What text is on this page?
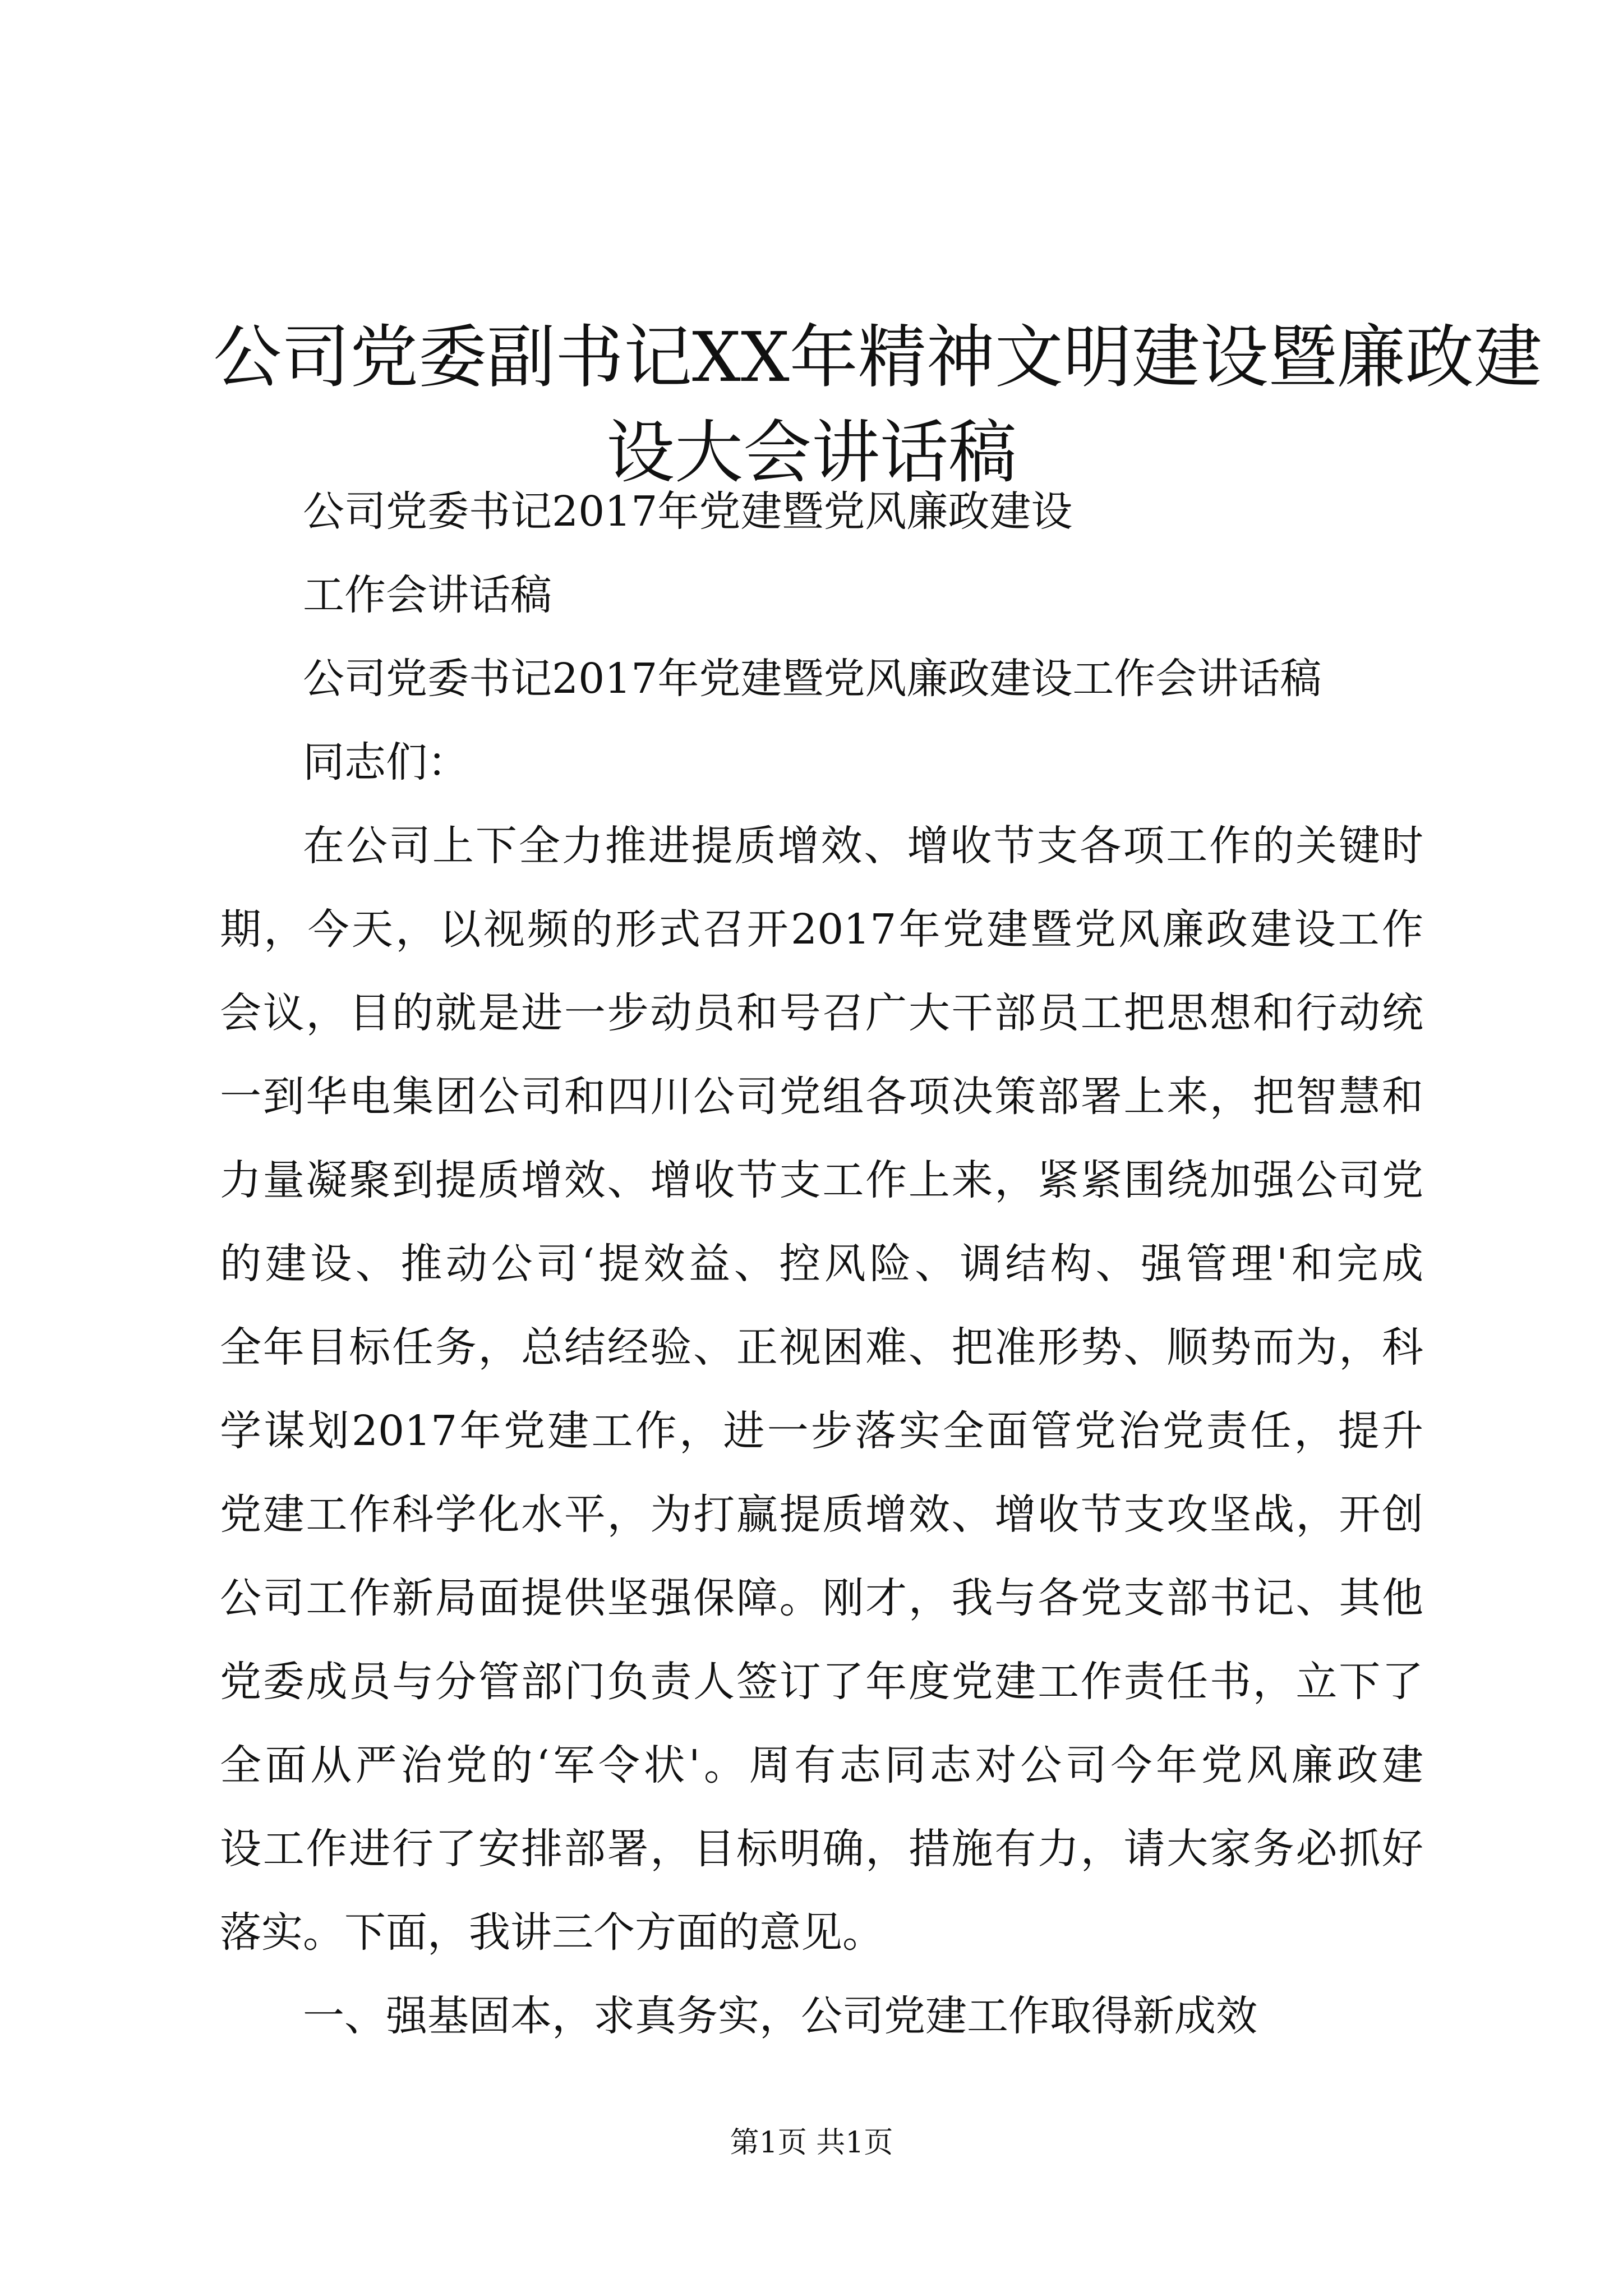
公司党委副书记XX年精神文明建设暨廉政建
设大会讲话稿
公司党委书记2017年党建暨党风廉政建设
工作会讲话稿
公司党委书记2017年党建暨党风廉政建设工作会讲话稿
同志们：
在公司上下全力推进提质增效、增收节支各项工作的关键时
期，今天，以视频的形式召开2017年党建暨党风廉政建设工作
会议，目的就是进一步动员和号召广大干部员工把思想和行动统
一到华电集团公司和四川公司党组各项决策部署上来，把智慧和
力量凝聚到提质增效、增收节支工作上来，紧紧围绕加强公司党
的建设、推动公司‘提效益、控风险、调结构、强管理'和完成
全年目标任务，总结经验、正视困难、把准形势、顺势而为，科
学谋划2017年党建工作，进一步落实全面管党治党责任，提升
党建工作科学化水平，为打赢提质增效、增收节支攻坚战，开创
公司工作新局面提供坚强保障。刚才，我与各党支部书记、其他
党委成员与分管部门负责人签订了年度党建工作责任书，立下了
全面从严治党的‘军令状'。周有志同志对公司今年党风廉政建
设工作进行了安排部署，目标明确，措施有力，请大家务必抓好
落实。下面，我讲三个方面的意见。
一、强基固本，求真务实，公司党建工作取得新成效
第1页 共1页
